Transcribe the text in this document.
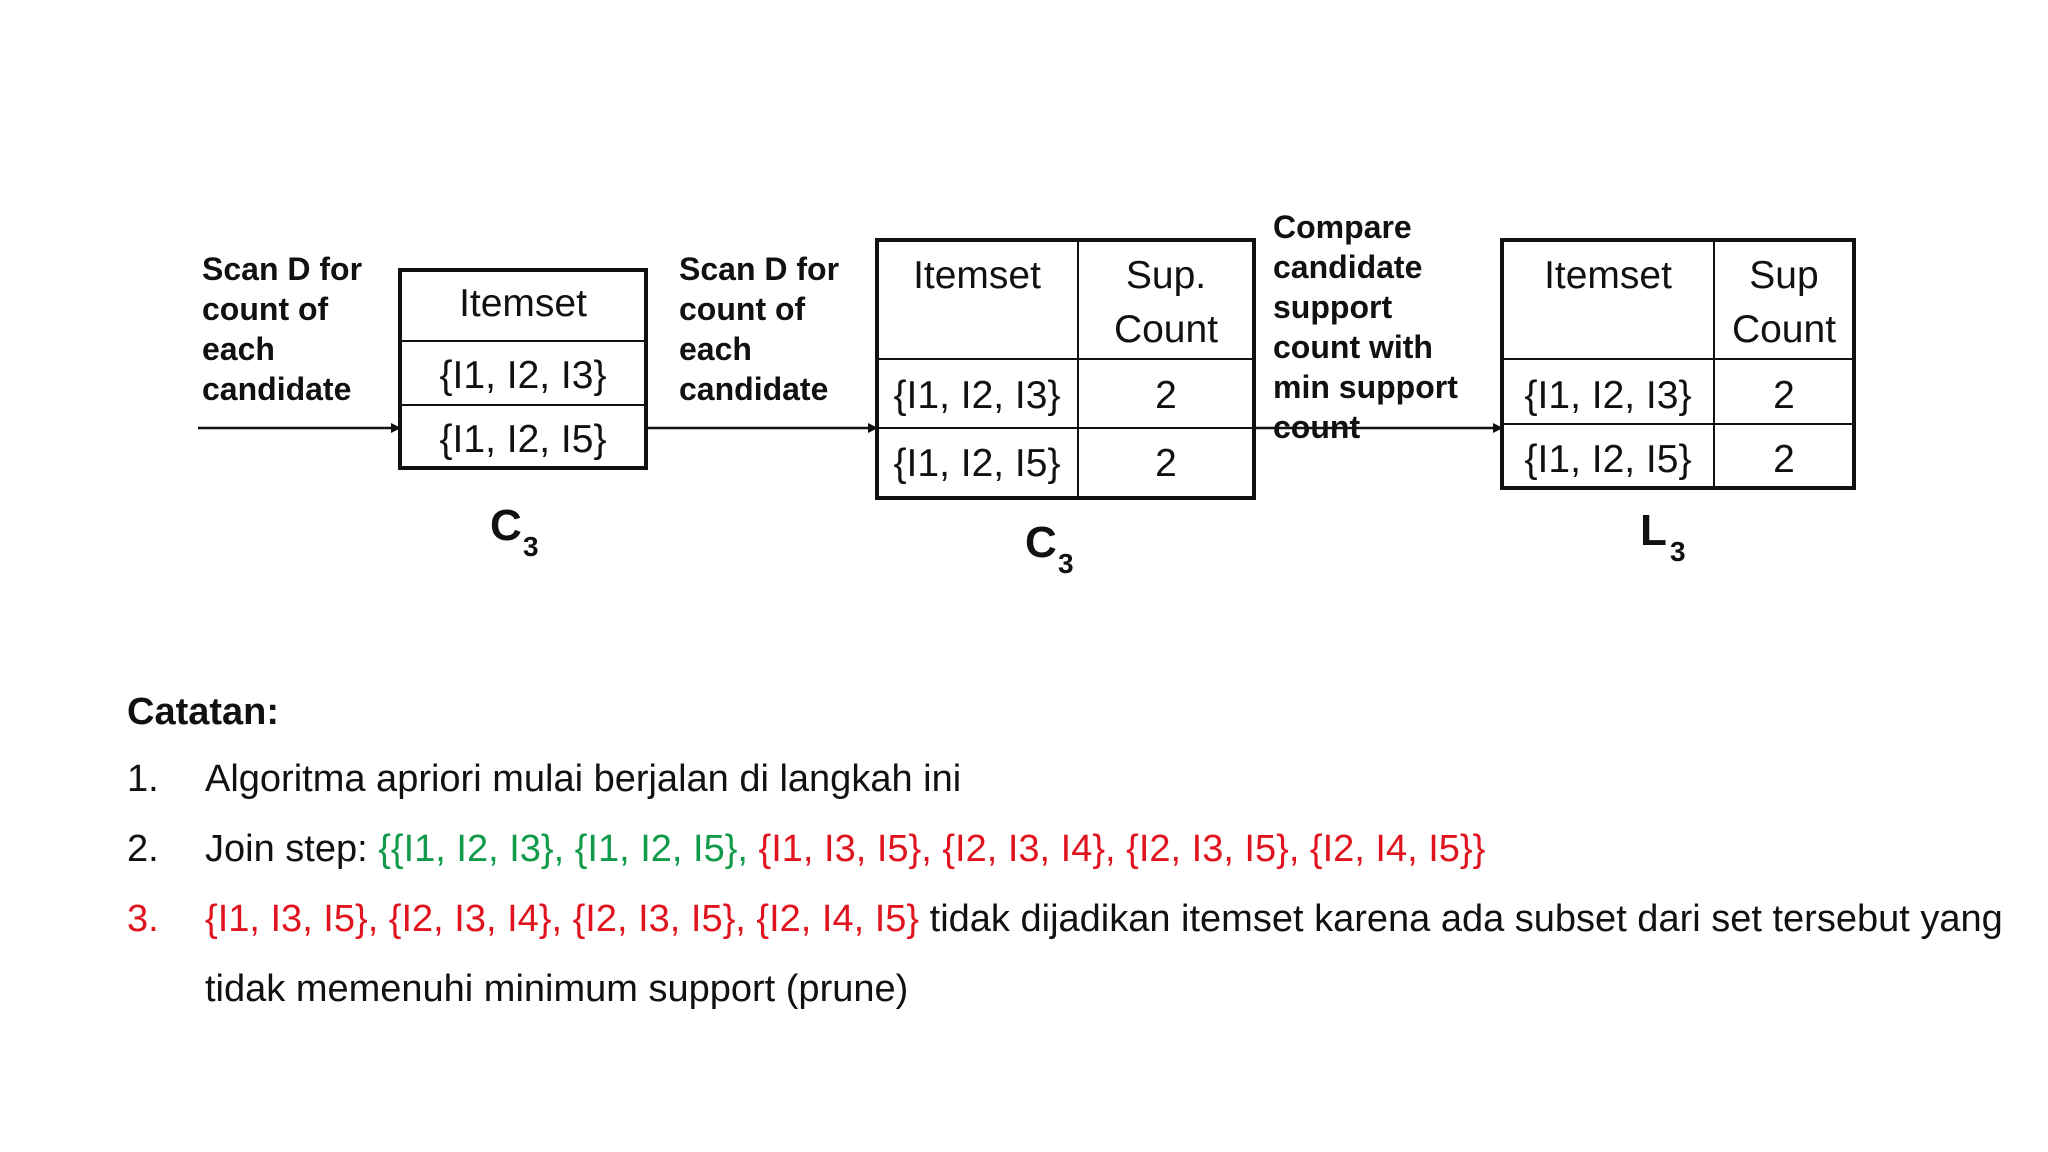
Scan D for
count of
each
candidate
Itemset
{I1, I2, I3}
{I1, I2, I5}
C 3
Scan D for
count of
each
candidate
Itemset Sup.
Count
{I1, I2, I3} 2
{I1, I2, I5} 2
C 3
Compare
candidate
support
count with
min support
count
Itemset Sup
Count
{I1, I2, I3} 2
{I1, I2, I5} 2
L 3
Catatan:
1. Algoritma apriori mulai berjalan di langkah ini
2. Join step: {{I1, I2, I3}, {I1, I2, I5}, {I1, I3, I5}, {I2, I3, I4}, {I2, I3, I5}, {I2, I4, I5}}
3. {I1, I3, I5}, {I2, I3, I4}, {I2, I3, I5}, {I2, I4, I5} tidak dijadikan itemset karena ada subset dari set tersebut yang tidak memenuhi minimum support (prune)
